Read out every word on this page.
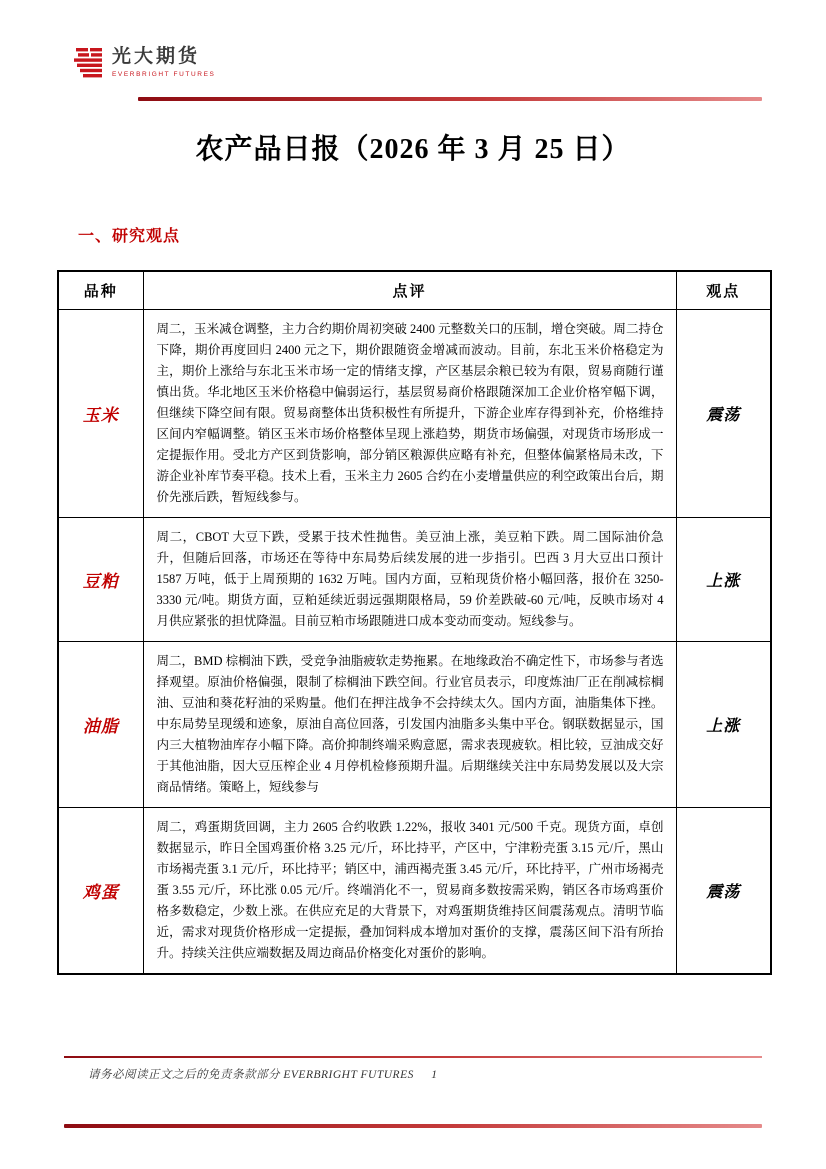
光大期货
EVERBRIGHT FUTURES
农产品日报（2026 年 3 月 25 日）
一、研究观点
品种	点评	观点
玉米	周二，玉米减仓调整，主力合约期价周初突破 2400 元整数关口的压制，增仓突破。周二持仓下降，期价再度回归 2400 元之下，期价跟随资金增减而波动。目前，东北玉米价格稳定为主，期价上涨给与东北玉米市场一定的情绪支撑，产区基层余粮已较为有限，贸易商随行谨慎出货。华北地区玉米价格稳中偏弱运行，基层贸易商价格跟随深加工企业价格窄幅下调，但继续下降空间有限。贸易商整体出货积极性有所提升，下游企业库存得到补充，价格维持区间内窄幅调整。销区玉米市场价格整体呈现上涨趋势，期货市场偏强，对现货市场形成一定提振作用。受北方产区到货影响，部分销区粮源供应略有补充，但整体偏紧格局未改，下游企业补库节奏平稳。技术上看，玉米主力 2605 合约在小麦增量供应的利空政策出台后，期价先涨后跌，暂短线参与。	震荡
豆粕	周二，CBOT 大豆下跌，受累于技术性抛售。美豆油上涨，美豆粕下跌。周二国际油价急升，但随后回落，市场还在等待中东局势后续发展的进一步指引。巴西 3 月大豆出口预计 1587 万吨，低于上周预期的 1632 万吨。国内方面，豆粕现货价格小幅回落，报价在 3250-3330 元/吨。期货方面，豆粕延续近弱远强期限格局，59 价差跌破-60 元/吨，反映市场对 4 月供应紧张的担忧降温。目前豆粕市场跟随进口成本变动而变动。短线参与。	上涨
油脂	周二，BMD 棕榈油下跌，受竞争油脂疲软走势拖累。在地缘政治不确定性下，市场参与者选择观望。原油价格偏强，限制了棕榈油下跌空间。行业官员表示，印度炼油厂正在削减棕榈油、豆油和葵花籽油的采购量。他们在押注战争不会持续太久。国内方面，油脂集体下挫。中东局势呈现缓和迹象，原油自高位回落，引发国内油脂多头集中平仓。钢联数据显示，国内三大植物油库存小幅下降。高价抑制终端采购意愿，需求表现疲软。相比较，豆油成交好于其他油脂，因大豆压榨企业 4 月停机检修预期升温。后期继续关注中东局势发展以及大宗商品情绪。策略上，短线参与	上涨
鸡蛋	周二，鸡蛋期货回调，主力 2605 合约收跌 1.22%，报收 3401 元/500 千克。现货方面，卓创数据显示，昨日全国鸡蛋价格 3.25 元/斤，环比持平，产区中，宁津粉壳蛋 3.15 元/斤，黑山市场褐壳蛋 3.1 元/斤，环比持平；销区中，浦西褐壳蛋 3.45 元/斤，环比持平，广州市场褐壳蛋 3.55 元/斤，环比涨 0.05 元/斤。终端消化不一，贸易商多数按需采购，销区各市场鸡蛋价格多数稳定，少数上涨。在供应充足的大背景下，对鸡蛋期货维持区间震荡观点。清明节临近，需求对现货价格形成一定提振，叠加饲料成本增加对蛋价的支撑，震荡区间下沿有所抬升。持续关注供应端数据及周边商品价格变化对蛋价的影响。	震荡
请务必阅读正文之后的免责条款部分 EVERBRIGHT FUTURES 1
